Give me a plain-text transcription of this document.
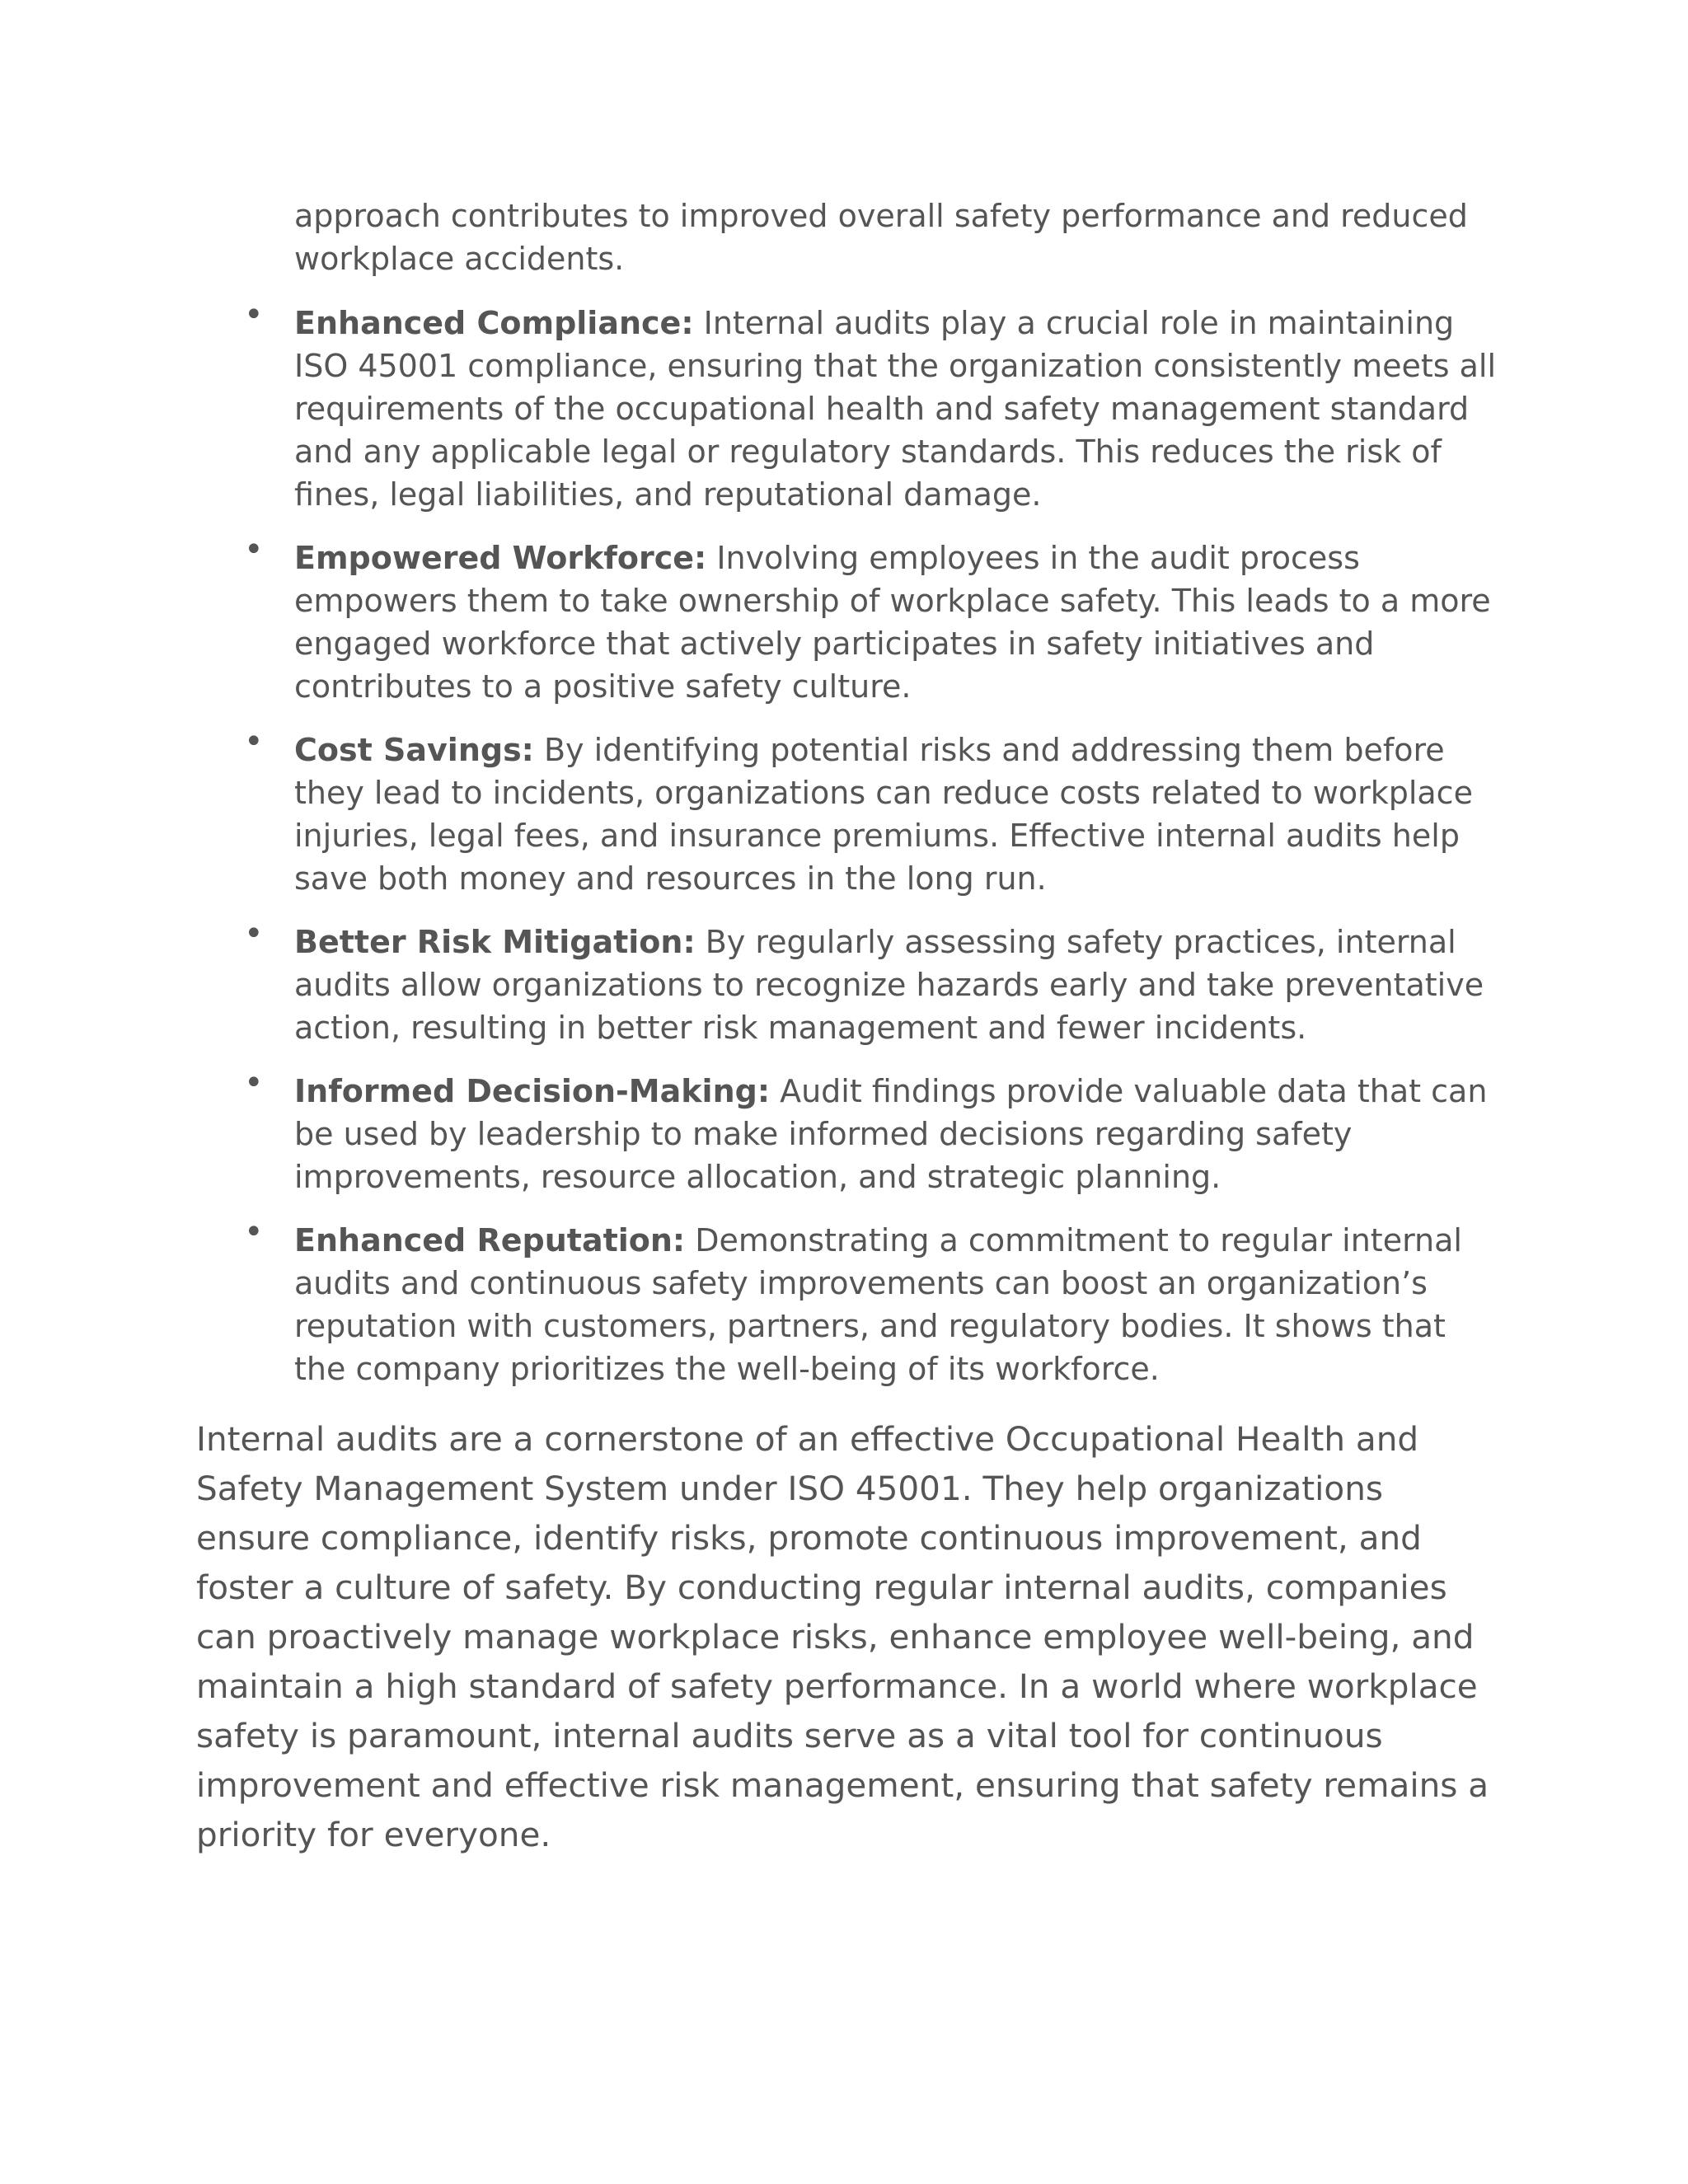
approach contributes to improved overall safety performance and reduced workplace accidents.

• Enhanced Compliance: Internal audits play a crucial role in maintaining ISO 45001 compliance, ensuring that the organization consistently meets all requirements of the occupational health and safety management standard and any applicable legal or regulatory standards. This reduces the risk of fines, legal liabilities, and reputational damage.
• Empowered Workforce: Involving employees in the audit process empowers them to take ownership of workplace safety. This leads to a more engaged workforce that actively participates in safety initiatives and contributes to a positive safety culture.
• Cost Savings: By identifying potential risks and addressing them before they lead to incidents, organizations can reduce costs related to workplace injuries, legal fees, and insurance premiums. Effective internal audits help save both money and resources in the long run.
• Better Risk Mitigation: By regularly assessing safety practices, internal audits allow organizations to recognize hazards early and take preventative action, resulting in better risk management and fewer incidents.
• Informed Decision-Making: Audit findings provide valuable data that can be used by leadership to make informed decisions regarding safety improvements, resource allocation, and strategic planning.
• Enhanced Reputation: Demonstrating a commitment to regular internal audits and continuous safety improvements can boost an organization’s reputation with customers, partners, and regulatory bodies. It shows that the company prioritizes the well-being of its workforce.

Internal audits are a cornerstone of an effective Occupational Health and Safety Management System under ISO 45001. They help organizations ensure compliance, identify risks, promote continuous improvement, and foster a culture of safety. By conducting regular internal audits, companies can proactively manage workplace risks, enhance employee well-being, and maintain a high standard of safety performance. In a world where workplace safety is paramount, internal audits serve as a vital tool for continuous improvement and effective risk management, ensuring that safety remains a priority for everyone.
